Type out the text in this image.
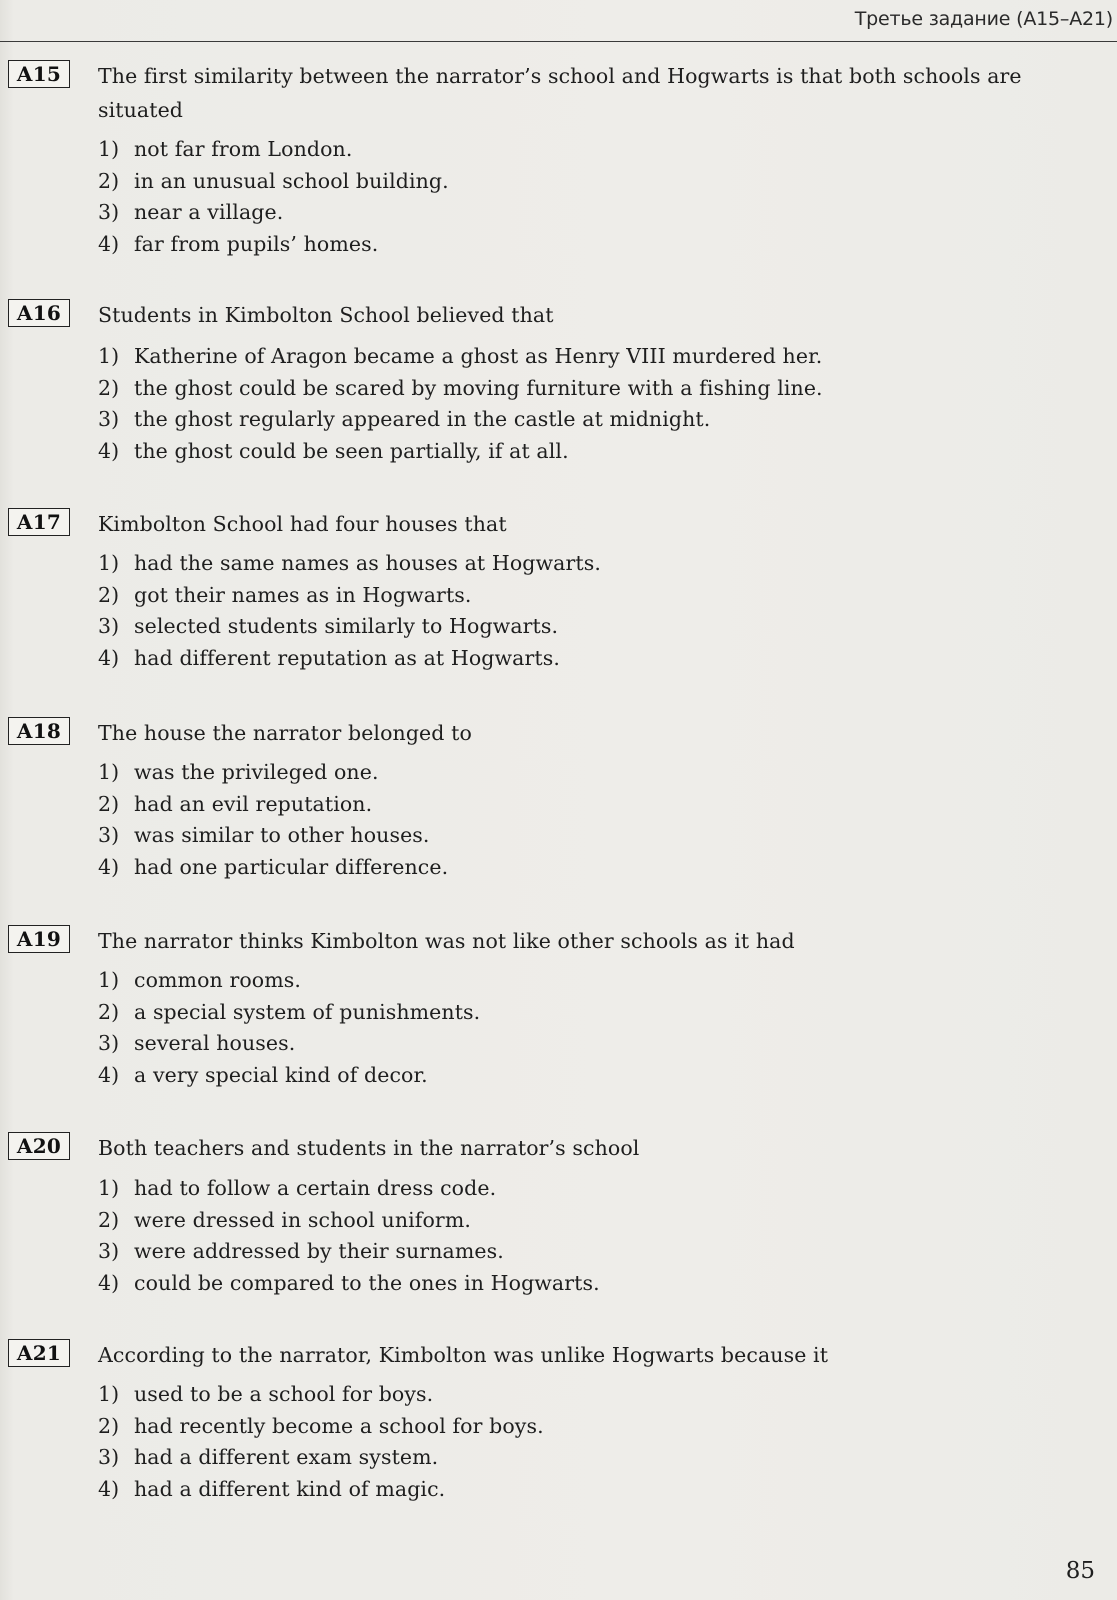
Третье задание (А15–А21)
A15	The first similarity between the narrator’s school and Hogwarts is that both schools are situated

1) not far from London.
2) in an unusual school building.
3) near a village.
4) far from pupils’ homes.
A16	Students in Kimbolton School believed that

1) Katherine of Aragon became a ghost as Henry VIII murdered her.
2) the ghost could be scared by moving furniture with a fishing line.
3) the ghost regularly appeared in the castle at midnight.
4) the ghost could be seen partially, if at all.
A17	Kimbolton School had four houses that

1) had the same names as houses at Hogwarts.
2) got their names as in Hogwarts.
3) selected students similarly to Hogwarts.
4) had different reputation as at Hogwarts.
A18	The house the narrator belonged to

1) was the privileged one.
2) had an evil reputation.
3) was similar to other houses.
4) had one particular difference.
A19	The narrator thinks Kimbolton was not like other schools as it had

1) common rooms.
2) a special system of punishments.
3) several houses.
4) a very special kind of decor.
A20	Both teachers and students in the narrator’s school

1) had to follow a certain dress code.
2) were dressed in school uniform.
3) were addressed by their surnames.
4) could be compared to the ones in Hogwarts.
A21	According to the narrator, Kimbolton was unlike Hogwarts because it

1) used to be a school for boys.
2) had recently become a school for boys.
3) had a different exam system.
4) had a different kind of magic.
85
